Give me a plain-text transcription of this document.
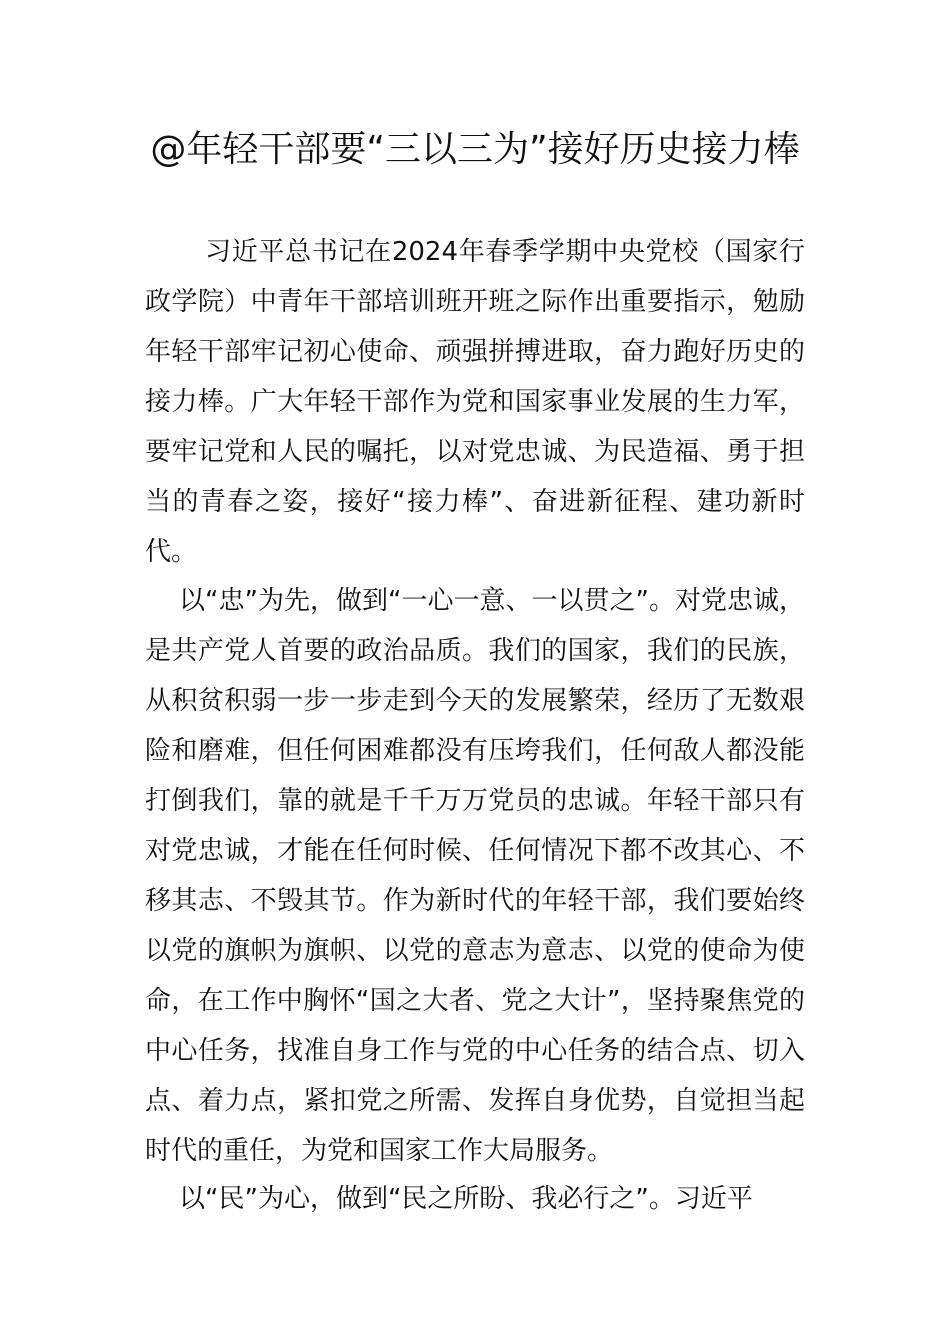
@年轻干部要“三以三为”接好历史接力棒

习近平总书记在2024年春季学期中央党校（国家行政学院）中青年干部培训班开班之际作出重要指示，勉励年轻干部牢记初心使命、顽强拼搏进取，奋力跑好历史的接力棒。广大年轻干部作为党和国家事业发展的生力军，要牢记党和人民的嘱托，以对党忠诚、为民造福、勇于担当的青春之姿，接好“接力棒”、奋进新征程、建功新时代。

以“忠”为先，做到“一心一意、一以贯之”。对党忠诚，是共产党人首要的政治品质。我们的国家，我们的民族，从积贫积弱一步一步走到今天的发展繁荣，经历了无数艰险和磨难，但任何困难都没有压垮我们，任何敌人都没能打倒我们，靠的就是千千万万党员的忠诚。年轻干部只有对党忠诚，才能在任何时候、任何情况下都不改其心、不移其志、不毁其节。作为新时代的年轻干部，我们要始终以党的旗帜为旗帜、以党的意志为意志、以党的使命为使命，在工作中胸怀“国之大者、党之大计”，坚持聚焦党的中心任务，找准自身工作与党的中心任务的结合点、切入点、着力点，紧扣党之所需、发挥自身优势，自觉担当起时代的重任，为党和国家工作大局服务。

以“民”为心，做到“民之所盼、我必行之”。习近平
